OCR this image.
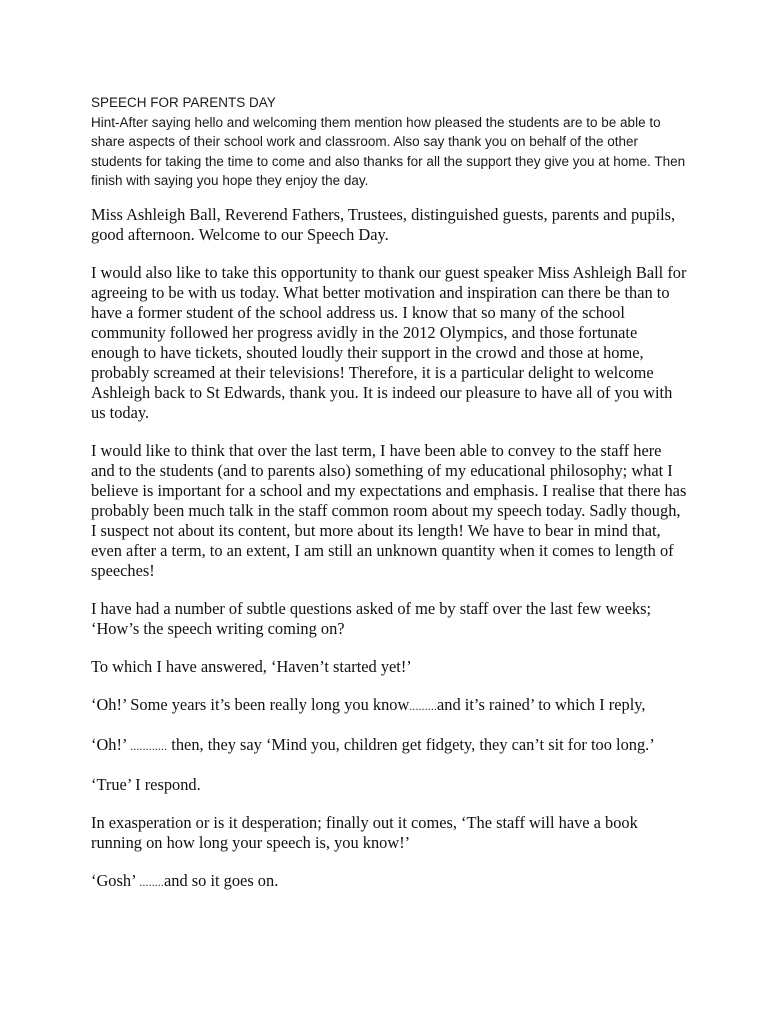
SPEECH FOR PARENTS DAY

Hint-After saying hello and welcoming them mention how pleased the students are to be able to share aspects of their school work and classroom. Also say thank you on behalf of the other students for taking the time to come and also thanks for all the support they give you at home. Then finish with saying you hope they enjoy the day.

Miss Ashleigh Ball, Reverend Fathers, Trustees, distinguished guests, parents and pupils, good afternoon. Welcome to our Speech Day.

I would also like to take this opportunity to thank our guest speaker Miss Ashleigh Ball for agreeing to be with us today. What better motivation and inspiration can there be than to have a former student of the school address us. I know that so many of the school community followed her progress avidly in the 2012 Olympics, and those fortunate enough to have tickets, shouted loudly their support in the crowd and those at home, probably screamed at their televisions! Therefore, it is a particular delight to welcome Ashleigh back to St Edwards, thank you. It is indeed our pleasure to have all of you with us today.

I would like to think that over the last term, I have been able to convey to the staff here and to the students (and to parents also) something of my educational philosophy; what I believe is important for a school and my expectations and emphasis. I realise that there has probably been much talk in the staff common room about my speech today. Sadly though, I suspect not about its content, but more about its length! We have to bear in mind that, even after a term, to an extent, I am still an unknown quantity when it comes to length of speeches!

I have had a number of subtle questions asked of me by staff over the last few weeks; ‘How’s the speech writing coming on?

To which I have answered, ‘Haven’t started yet!’

‘Oh!’ Some years it’s been really long you know.........and it’s rained’ to which I reply,

‘Oh!’ ............ then, they say ‘Mind you, children get fidgety, they can’t sit for too long.’

‘True’ I respond.

In exasperation or is it desperation; finally out it comes, ‘The staff will have a book running on how long your speech is, you know!’

‘Gosh’ ........and so it goes on.
